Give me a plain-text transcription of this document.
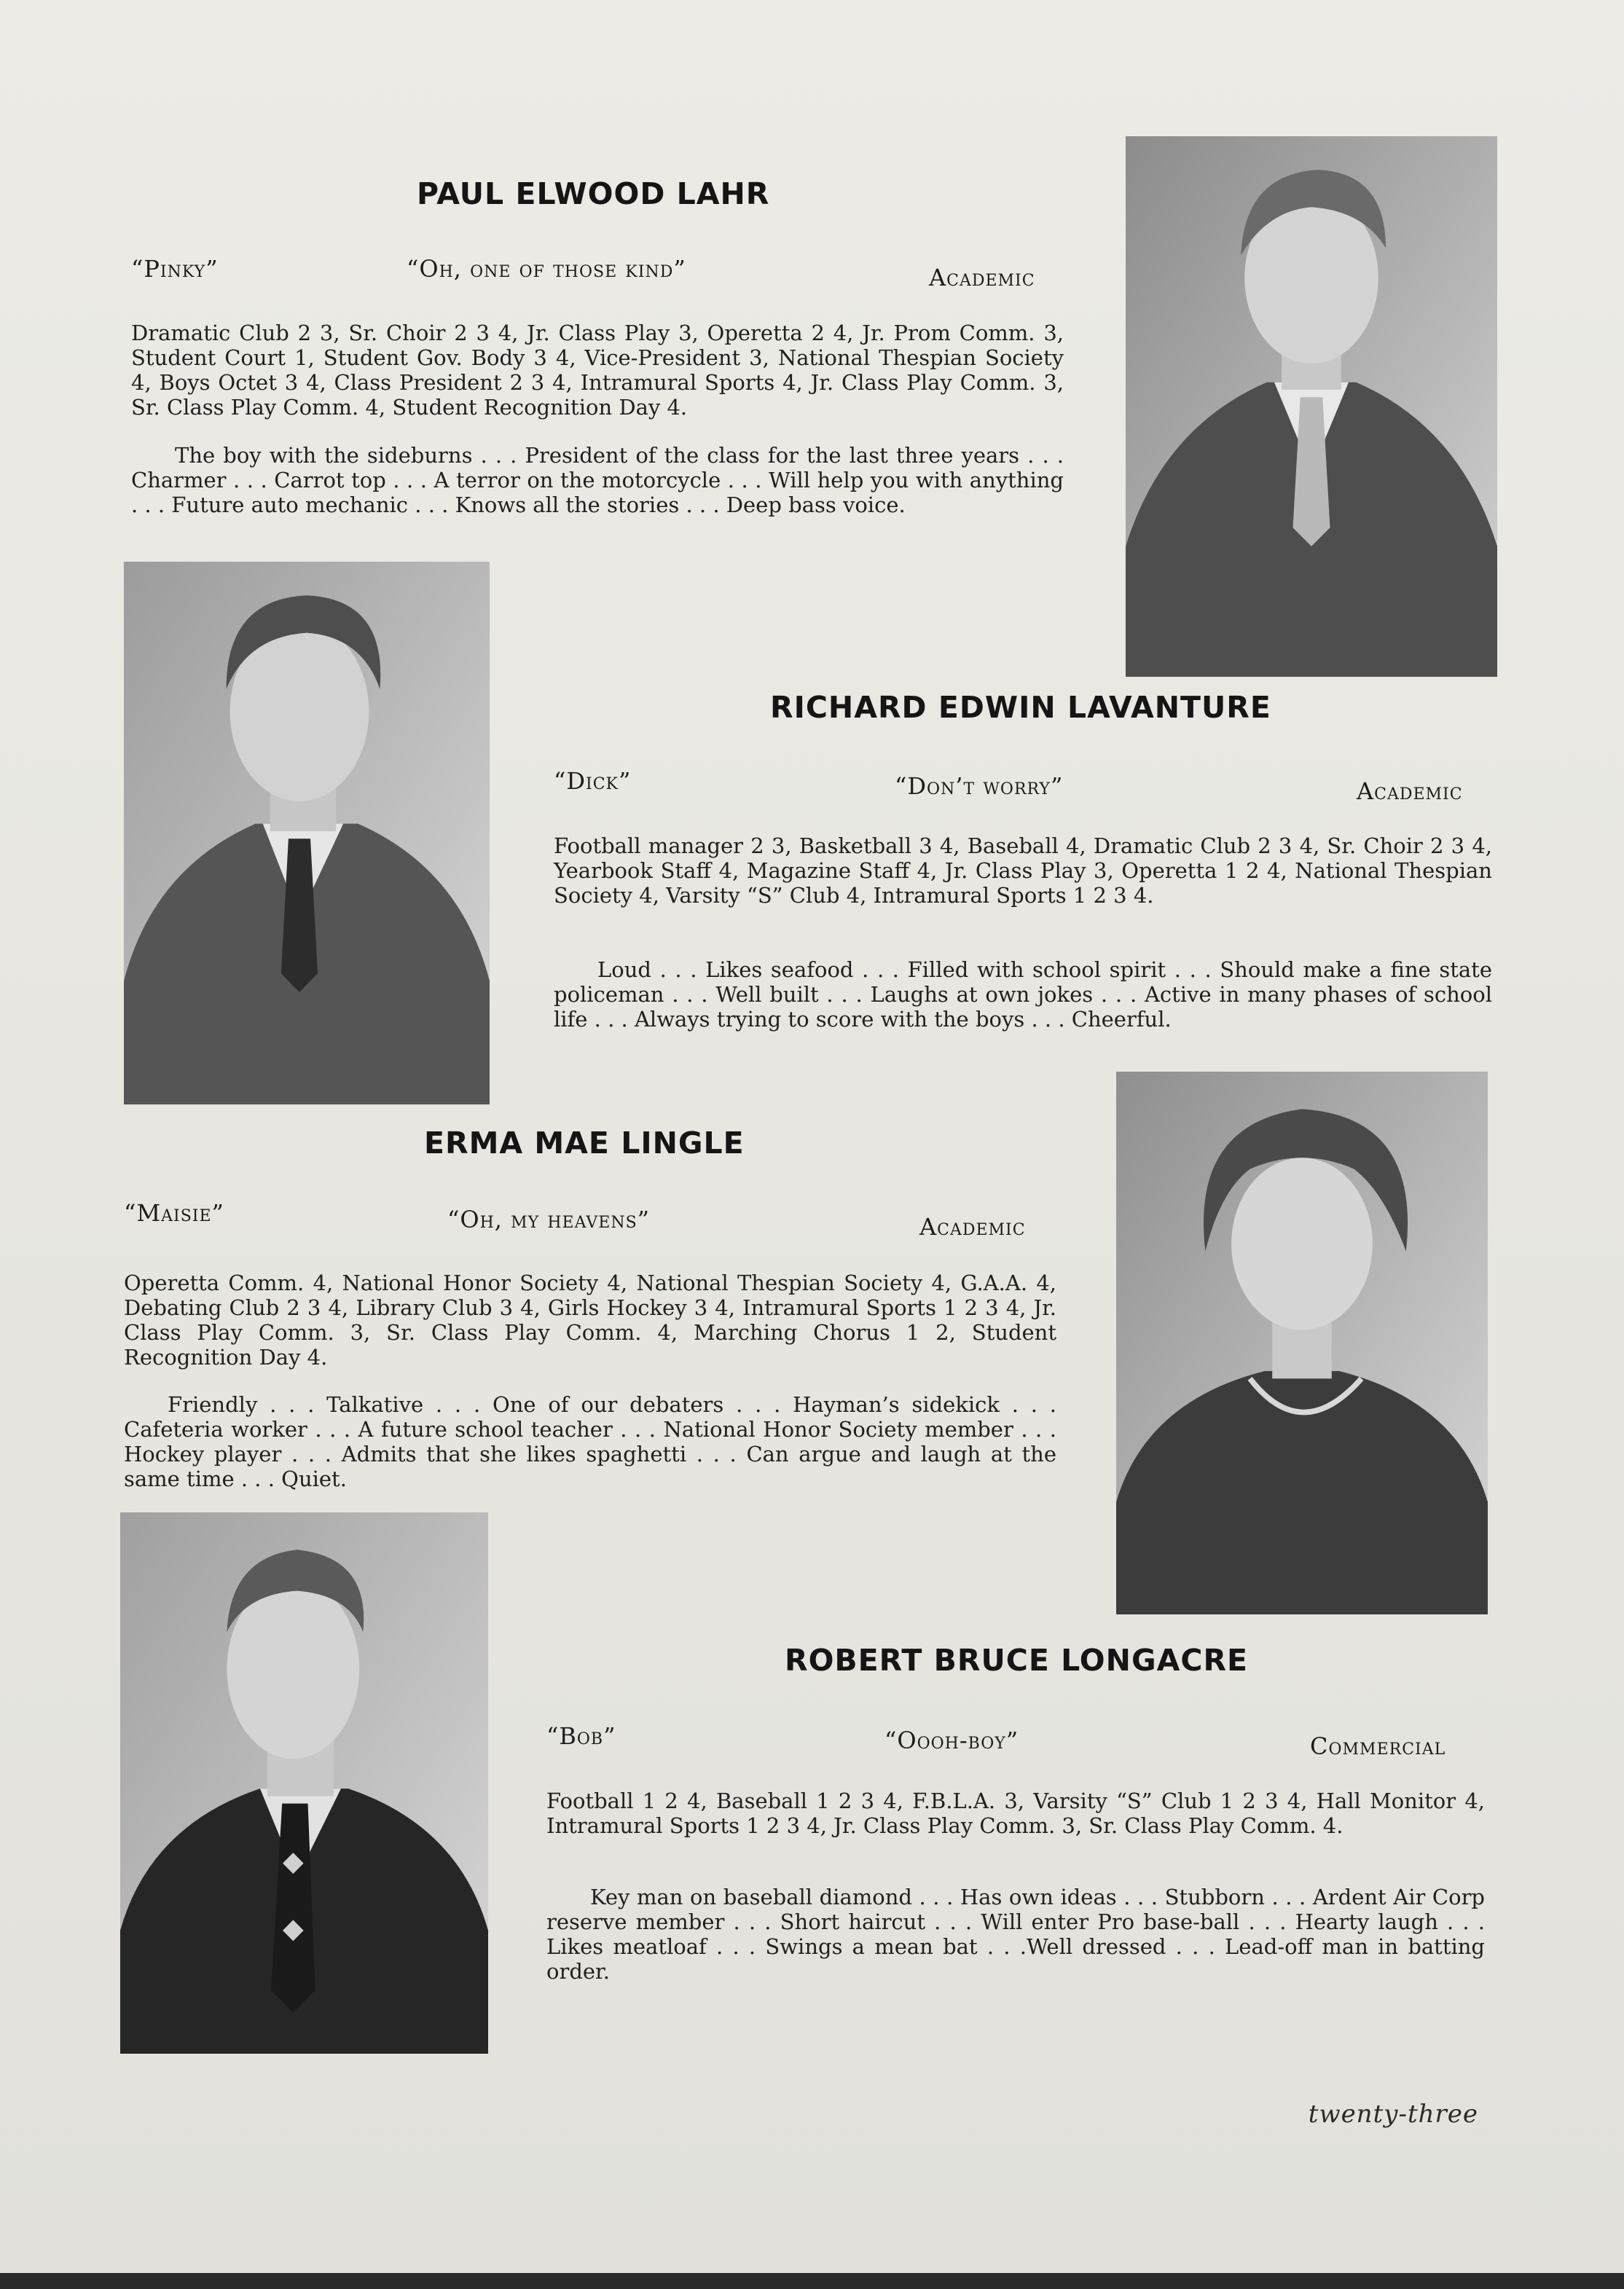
PAUL ELWOOD LAHR
“Pinky”	“Oh, one of those kind”	Academic
Dramatic Club 2 3, Sr. Choir 2 3 4, Jr. Class Play 3, Operetta 2 4, Jr. Prom Comm. 3, Student Court 1, Student Gov. Body 3 4, Vice-President 3, National Thespian Society 4, Boys Octet 3 4, Class President 2 3 4, Intramural Sports 4, Jr. Class Play Comm. 3, Sr. Class Play Comm. 4, Student Recognition Day 4.
The boy with the sideburns . . . President of the class for the last three years . . . Charmer . . . Carrot top . . . A terror on the motorcycle . . . Will help you with anything . . . Future auto mechanic . . . Knows all the stories . . . Deep bass voice.
RICHARD EDWIN LAVANTURE
“Dick”	“Don’t worry”	Academic
Football manager 2 3, Basketball 3 4, Baseball 4, Dramatic Club 2 3 4, Sr. Choir 2 3 4, Yearbook Staff 4, Magazine Staff 4, Jr. Class Play 3, Operetta 1 2 4, National Thespian Society 4, Varsity “S” Club 4, Intramural Sports 1 2 3 4.
Loud . . . Likes seafood . . . Filled with school spirit . . . Should make a fine state policeman . . . Well built . . . Laughs at own jokes . . . Active in many phases of school life . . . Always trying to score with the boys . . . Cheerful.
ERMA MAE LINGLE
“Maisie”	“Oh, my heavens”	Academic
Operetta Comm. 4, National Honor Society 4, National Thespian Society 4, G.A.A. 4, Debating Club 2 3 4, Library Club 3 4, Girls Hockey 3 4, Intramural Sports 1 2 3 4, Jr. Class Play Comm. 3, Sr. Class Play Comm. 4, Marching Chorus 1 2, Student Recognition Day 4.
Friendly . . . Talkative . . . One of our debaters . . . Hayman’s sidekick . . . Cafeteria worker . . . A future school teacher . . . National Honor Society member . . . Hockey player . . . Admits that she likes spaghetti . . . Can argue and laugh at the same time . . . Quiet.
ROBERT BRUCE LONGACRE
“Bob”	“Oooh-boy”	Commercial
Football 1 2 4, Baseball 1 2 3 4, F.B.L.A. 3, Varsity “S” Club 1 2 3 4, Hall Monitor 4, Intramural Sports 1 2 3 4, Jr. Class Play Comm. 3, Sr. Class Play Comm. 4.
Key man on baseball diamond . . . Has own ideas . . . Stubborn . . . Ardent Air Corp reserve member . . . Short haircut . . . Will enter Pro base-ball . . . Hearty laugh . . . Likes meatloaf . . . Swings a mean bat . . .Well dressed . . . Lead-off man in batting order.
twenty-three
